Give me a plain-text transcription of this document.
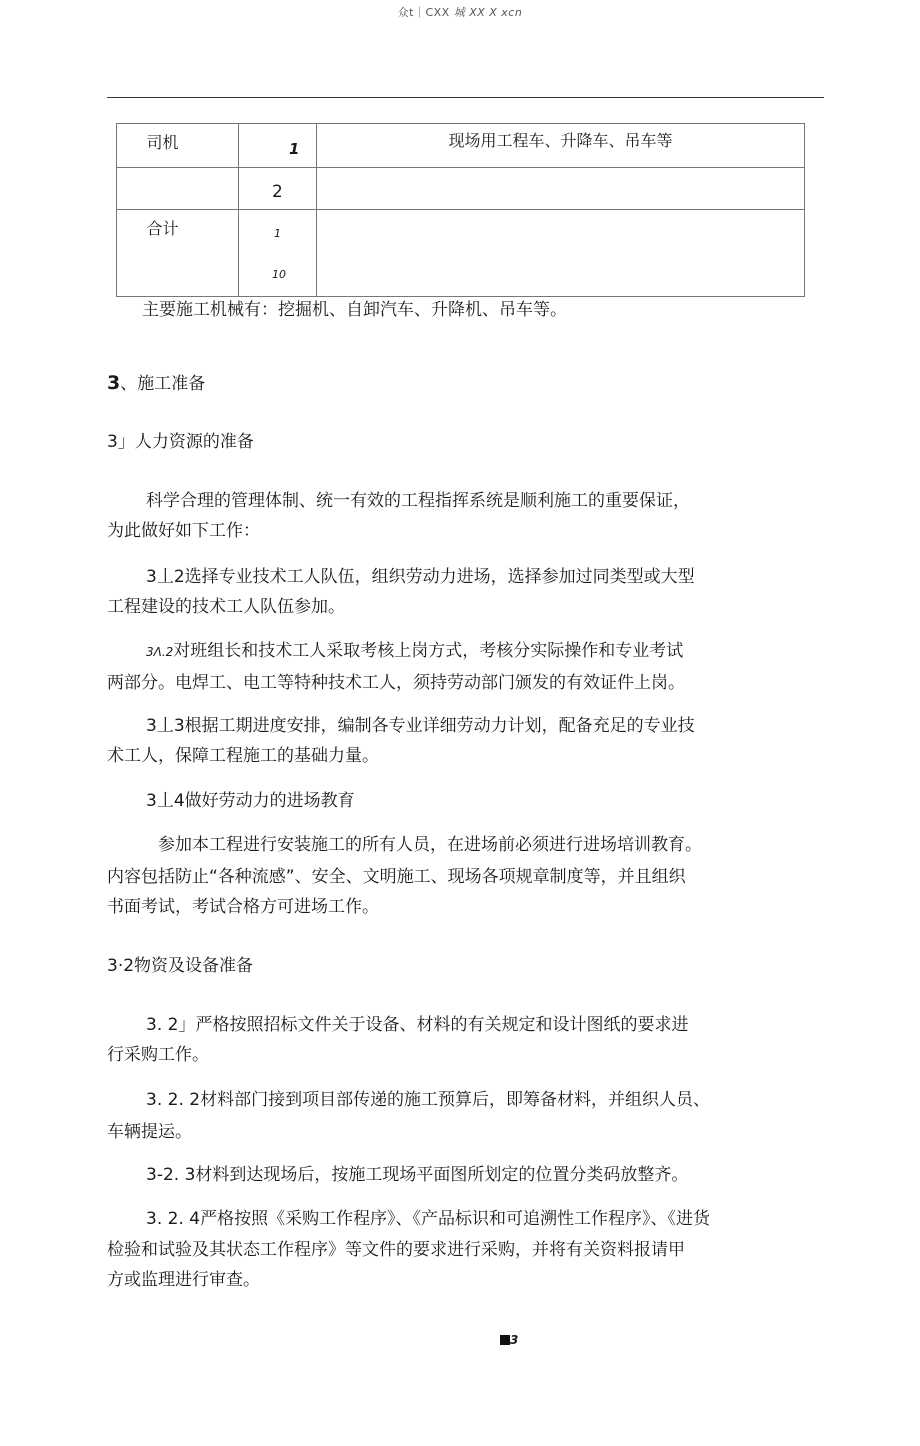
众t｜CXX 城 XX X xcn
司机	1	现场用工程车、升降车、吊车等

	2	

合计	1
10	

主要施工机械有：挖掘机、自卸汽车、升降机、吊车等。
3、施工准备
3」人力资源的准备
科学合理的管理体制、统一有效的工程指挥系统是顺利施工的重要保证，
为此做好如下工作：
3丄2选择专业技术工人队伍，组织劳动力进场，选择参加过同类型或大型
工程建设的技术工人队伍参加。
3Λ.2对班组长和技术工人采取考核上岗方式，考核分实际操作和专业考试
两部分。电焊工、电工等特种技术工人，须持劳动部门颁发的有效证件上岗。
3丄3根据工期进度安排，编制各专业详细劳动力计划，配备充足的专业技
术工人，保障工程施工的基础力量。
3丄4做好劳动力的进场教育
参加本工程进行安装施工的所有人员，在进场前必须进行进场培训教育。
内容包括防止“各种流感”、安全、文明施工、现场各项规章制度等，并且组织
书面考试，考试合格方可进场工作。
3·2物资及设备准备
3. 2」严格按照招标文件关于设备、材料的有关规定和设计图纸的要求进
行采购工作。
3. 2. 2材料部门接到项目部传递的施工预算后，即筹备材料，并组织人员、
车辆提运。
3-2. 3材料到达现场后，按施工现场平面图所划定的位置分类码放整齐。
3. 2. 4严格按照《采购工作程序》、《产品标识和可追溯性工作程序》、《进货
检验和试验及其状态工作程序》等文件的要求进行采购，并将有关资料报请甲
方或监理进行审查。
3
